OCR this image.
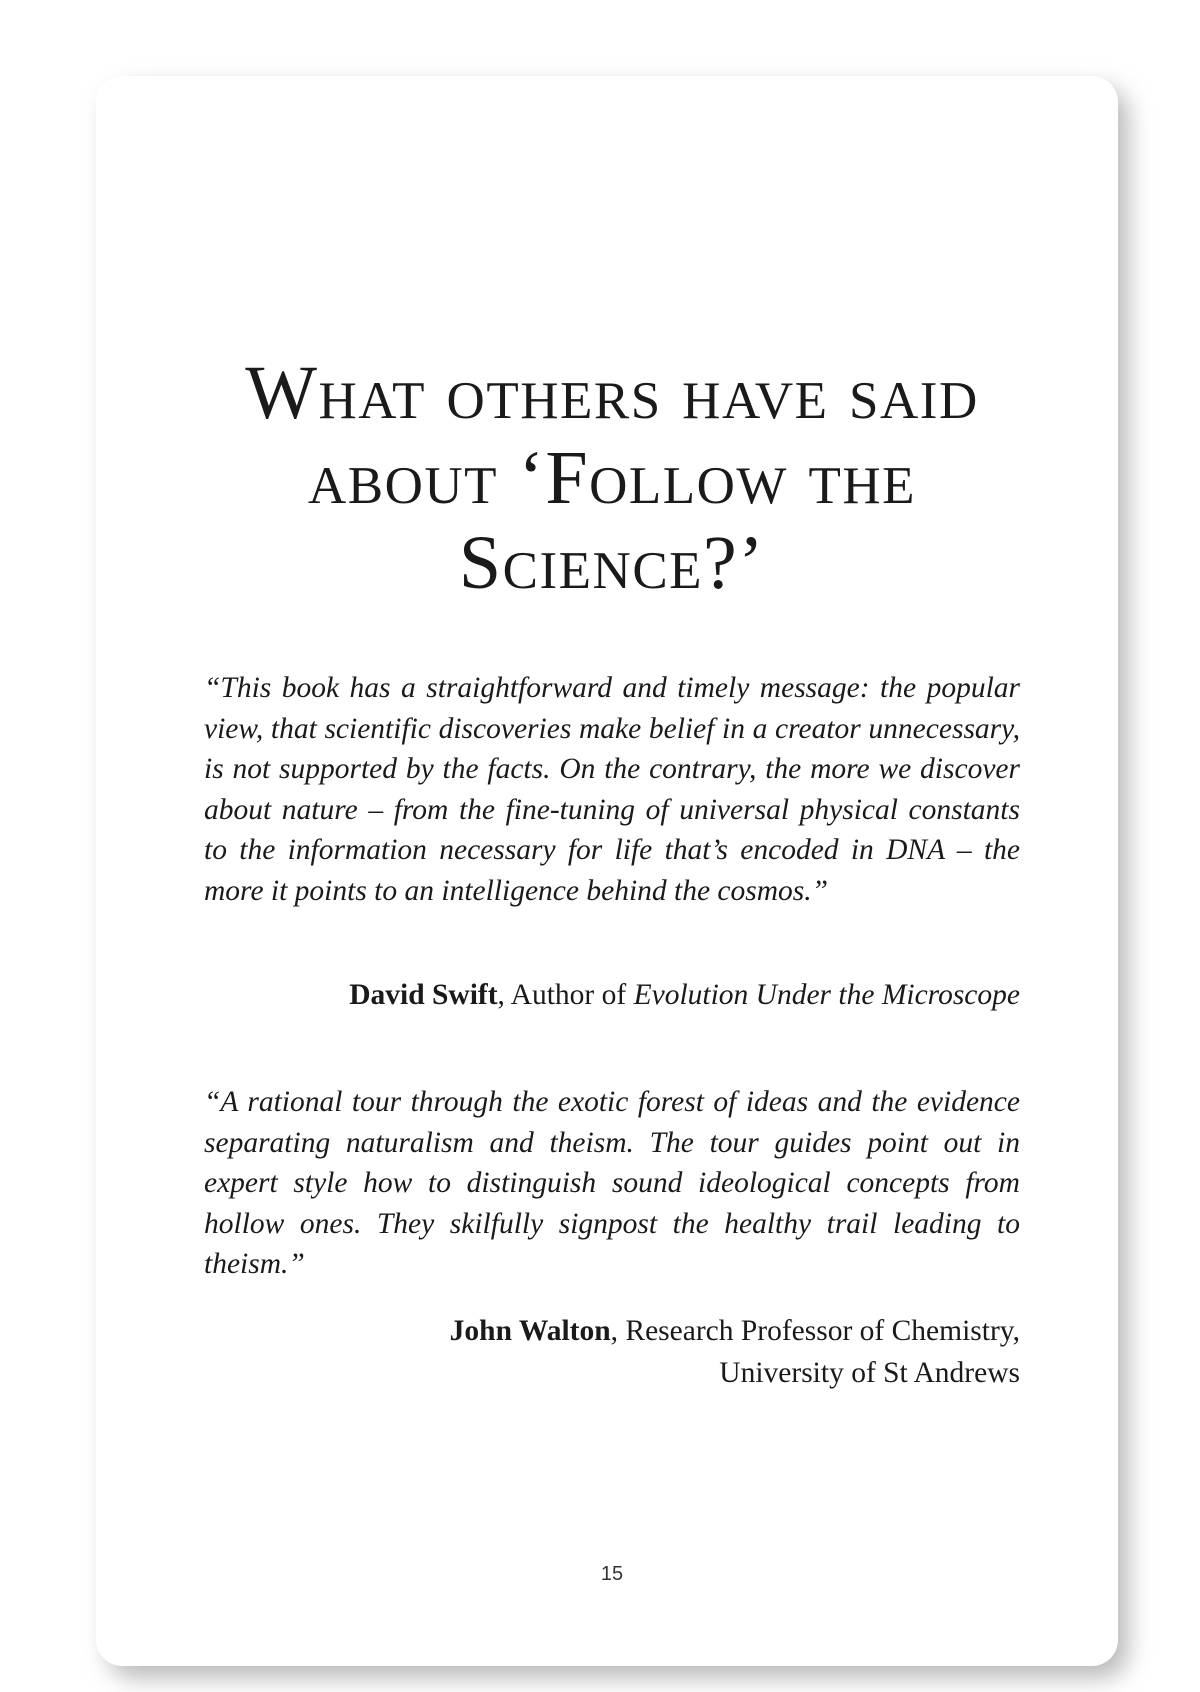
What others have said about ‘Follow the Science?’

“This book has a straightforward and timely message: the popular view, that scientific discoveries make belief in a creator unnecessary, is not supported by the facts. On the contrary, the more we discover about nature – from the fine-tuning of universal physical constants to the information necessary for life that’s encoded in DNA – the more it points to an intelligence behind the cosmos.”

David Swift, Author of Evolution Under the Microscope

“A rational tour through the exotic forest of ideas and the evidence separating naturalism and theism. The tour guides point out in expert style how to distinguish sound ideological concepts from hollow ones. They skilfully signpost the healthy trail leading to theism.”

John Walton, Research Professor of Chemistry,
University of St Andrews
15
